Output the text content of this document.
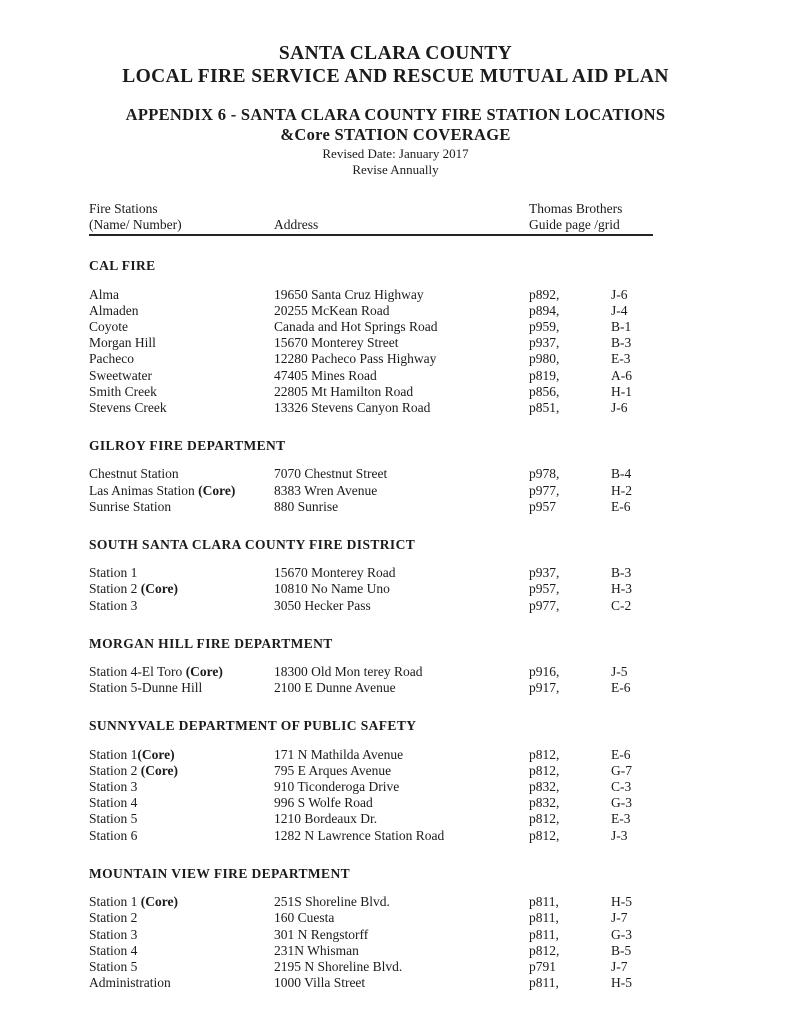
SANTA CLARA COUNTY
LOCAL FIRE SERVICE AND RESCUE MUTUAL AID PLAN
APPENDIX 6 - SANTA CLARA COUNTY FIRE STATION LOCATIONS
&Core STATION COVERAGE
Revised Date: January 2017
Revise Annually
Fire Stations
(Name/ Number)	Address
Thomas Brothers
Guide page /grid
CAL FIRE
Alma	19650 Santa Cruz Highway	p892,	J-6
Almaden	20255 McKean Road	p894,	J-4
Coyote	Canada and Hot Springs Road	p959,	B-1
Morgan Hill	15670 Monterey Street	p937,	B-3
Pacheco	12280 Pacheco Pass Highway	p980,	E-3
Sweetwater	47405 Mines Road	p819,	A-6
Smith Creek	22805 Mt Hamilton Road	p856,	H-1
Stevens Creek	13326 Stevens Canyon Road	p851,	J-6
GILROY FIRE DEPARTMENT
Chestnut Station	7070 Chestnut Street	p978,	B-4
Las Animas Station (Core)	8383 Wren Avenue	p977,	H-2
Sunrise Station	880 Sunrise	p957	E-6
SOUTH SANTA CLARA COUNTY FIRE DISTRICT
Station 1	15670 Monterey Road	p937,	B-3
Station 2 (Core)	10810 No Name Uno	p957,	H-3
Station 3	3050 Hecker Pass	p977,	C-2
MORGAN HILL FIRE DEPARTMENT
Station 4-El Toro (Core)	18300 Old Mon terey Road	p916,	J-5
Station 5-Dunne Hill	2100 E Dunne Avenue	p917,	E-6
SUNNYVALE DEPARTMENT OF PUBLIC SAFETY
Station 1(Core)	171 N Mathilda Avenue	p812,	E-6
Station 2 (Core)	795 E Arques Avenue	p812,	G-7
Station 3	910 Ticonderoga Drive	p832,	C-3
Station 4	996 S Wolfe Road	p832,	G-3
Station 5	1210 Bordeaux Dr.	p812,	E-3
Station 6	1282 N Lawrence Station Road	p812,	J-3
MOUNTAIN VIEW FIRE DEPARTMENT
Station 1 (Core)	251S Shoreline Blvd.	p811,	H-5
Station 2	160 Cuesta	p811,	J-7
Station 3	301 N Rengstorff	p811,	G-3
Station 4	231N Whisman	p812,	B-5
Station 5	2195 N Shoreline Blvd.	p791	J-7
Administration	1000 Villa Street	p811,	H-5
